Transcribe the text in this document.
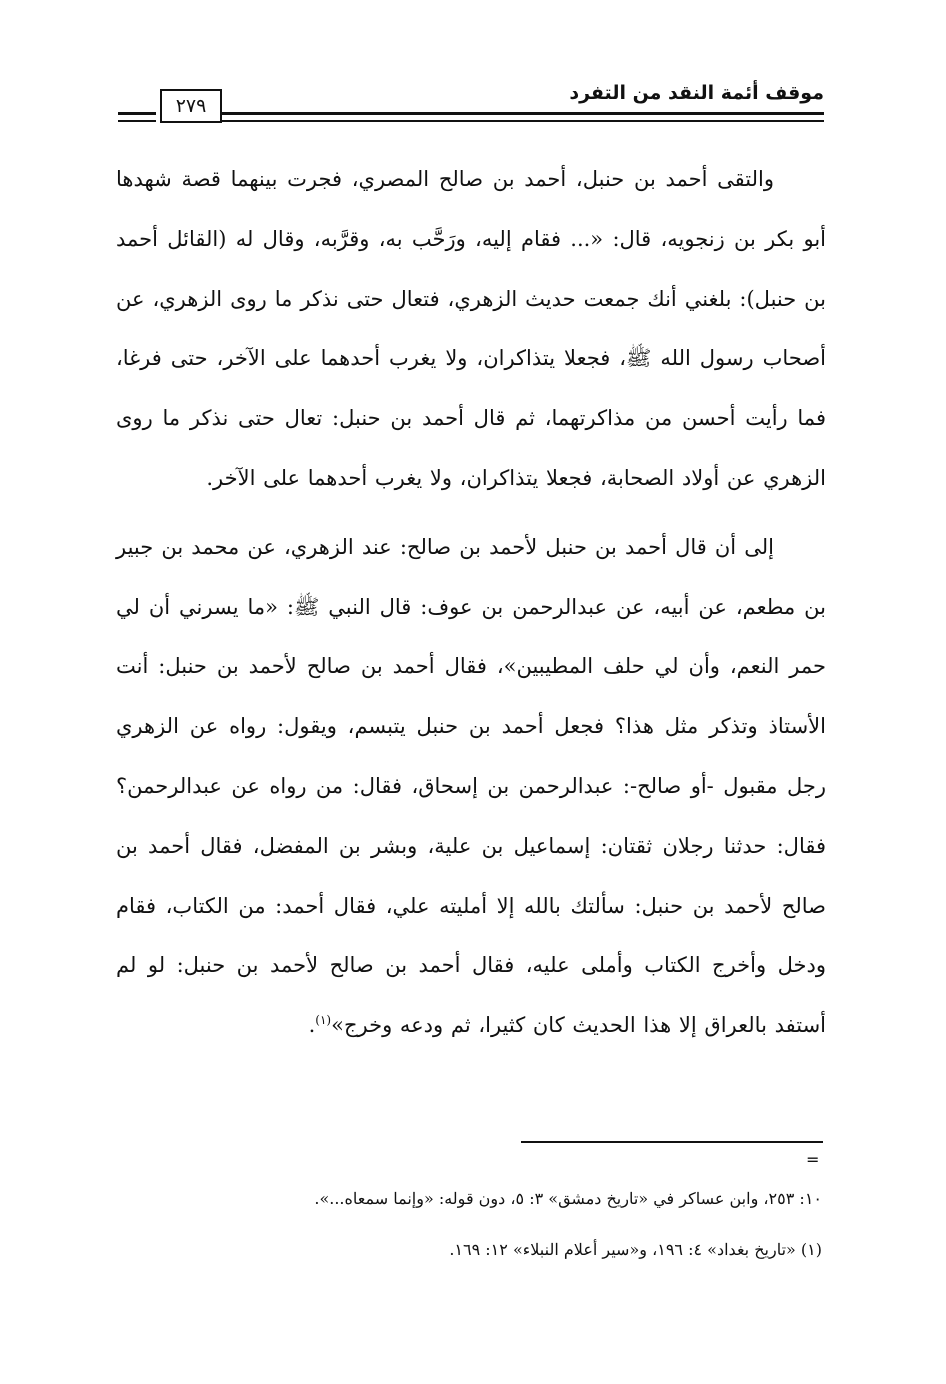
موقف أئمة النقد من التفرد
٢٧٩

والتقى أحمد بن حنبل، أحمد بن صالح المصري، فجرت بينهما قصة شهدها أبو بكر بن زنجويه، قال: «... فقام إليه، ورَحَّب به، وقرَّبه، وقال له (القائل أحمد بن حنبل): بلغني أنك جمعت حديث الزهري، فتعال حتى نذكر ما روى الزهري، عن أصحاب رسول الله ﷺ، فجعلا يتذاكران، ولا يغرب أحدهما على الآخر، حتى فرغا، فما رأيت أحسن من مذاكرتهما، ثم قال أحمد بن حنبل: تعال حتى نذكر ما روى الزهري عن أولاد الصحابة، فجعلا يتذاكران، ولا يغرب أحدهما على الآخر.

إلى أن قال أحمد بن حنبل لأحمد بن صالح: عند الزهري، عن محمد بن جبير بن مطعم، عن أبيه، عن عبدالرحمن بن عوف: قال النبي ﷺ: «ما يسرني أن لي حمر النعم، وأن لي حلف المطيبين»، فقال أحمد بن صالح لأحمد بن حنبل: أنت الأستاذ وتذكر مثل هذا؟ فجعل أحمد بن حنبل يتبسم، ويقول: رواه عن الزهري رجل مقبول -أو صالح-: عبدالرحمن بن إسحاق، فقال: من رواه عن عبدالرحمن؟ فقال: حدثنا رجلان ثقتان: إسماعيل بن علية، وبشر بن المفضل، فقال أحمد بن صالح لأحمد بن حنبل: سألتك بالله إلا أمليته علي، فقال أحمد: من الكتاب، فقام ودخل وأخرج الكتاب وأملى عليه، فقال أحمد بن صالح لأحمد بن حنبل: لو لم أستفد بالعراق إلا هذا الحديث كان كثيرا، ثم ودعه وخرج»$^{(١)}$.

=
١٠: ٢٥٣، وابن عساكر في «تاريخ دمشق» ٣: ٥، دون قوله: «وإنما سمعاه...».
(١) «تاريخ بغداد» ٤: ١٩٦، و«سير أعلام النبلاء» ١٢: ١٦٩.
